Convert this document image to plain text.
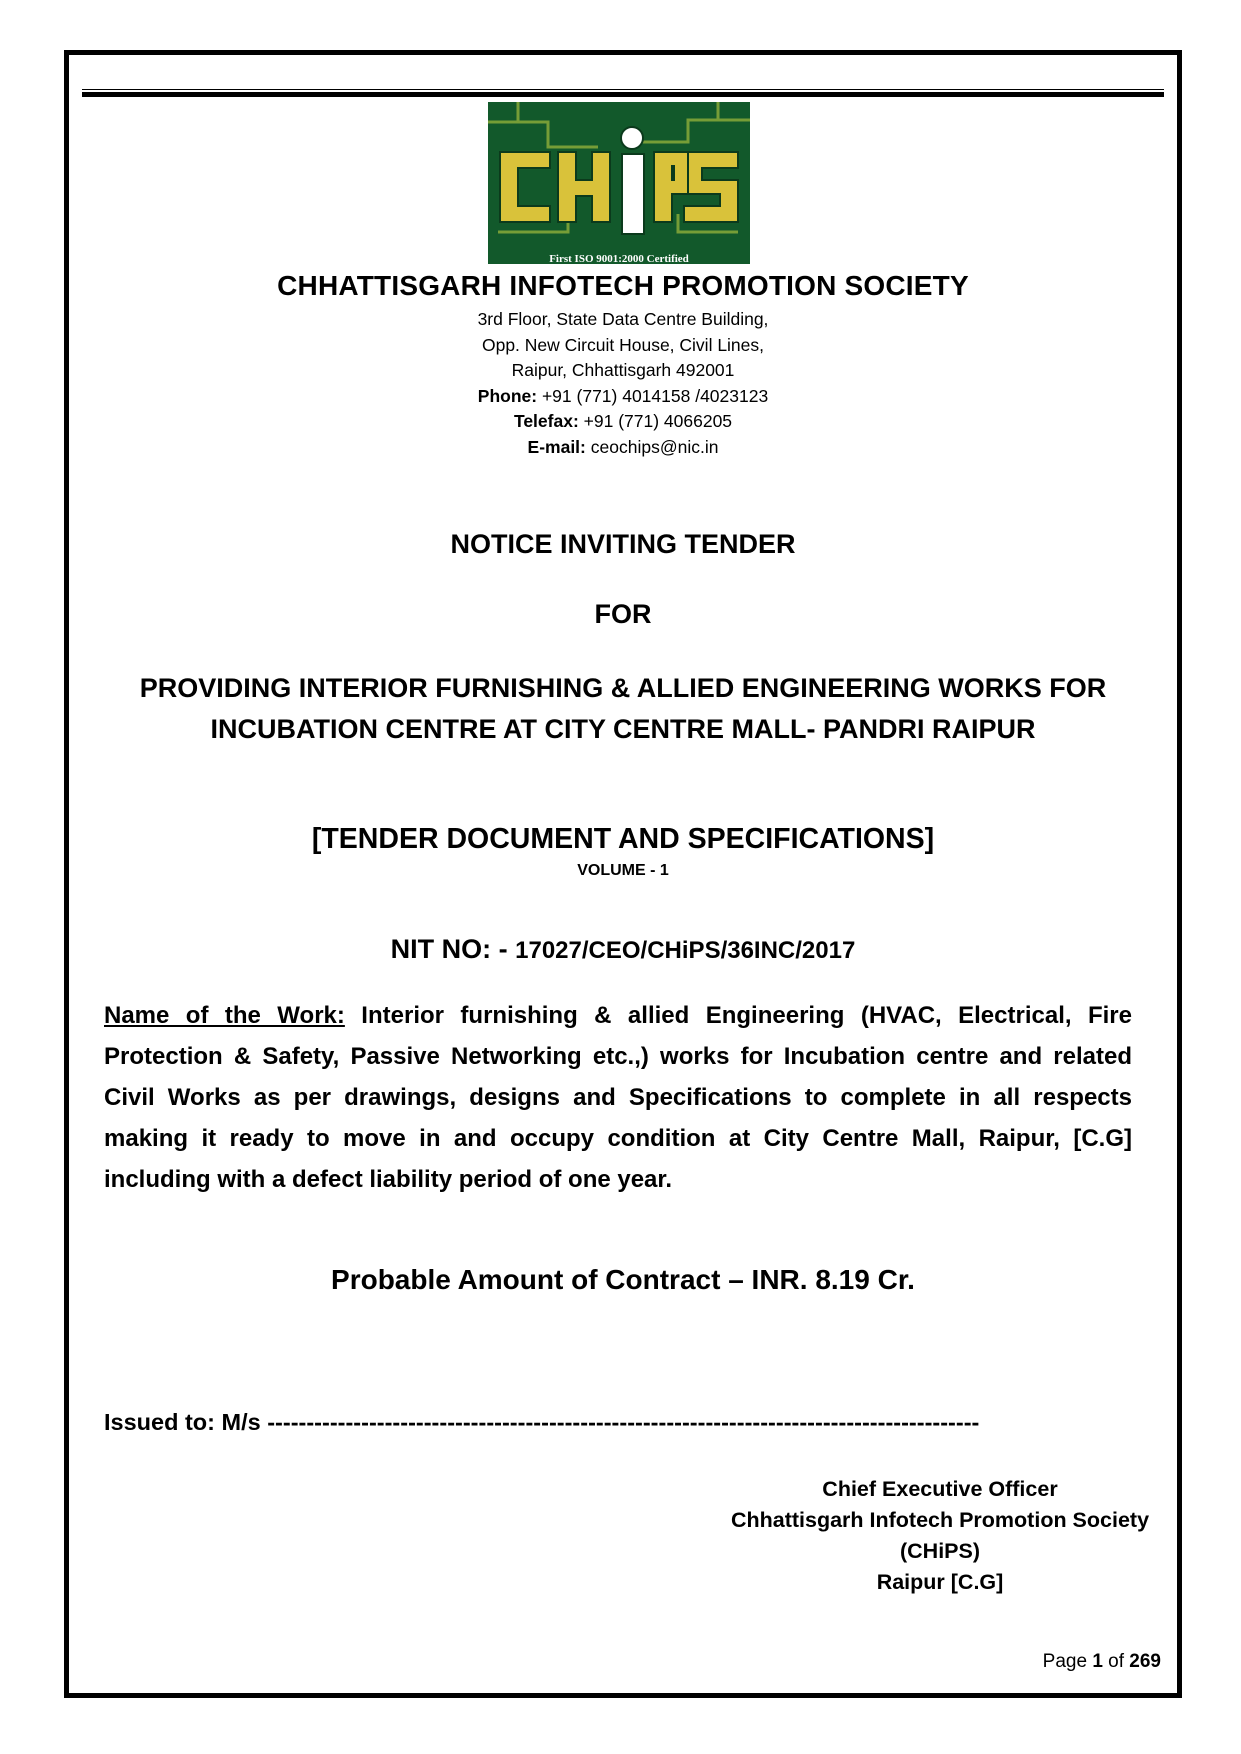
First ISO 9001:2000 Certified
CHHATTISGARH INFOTECH PROMOTION SOCIETY
3rd Floor, State Data Centre Building,
Opp. New Circuit House, Civil Lines,
Raipur, Chhattisgarh 492001
Phone: +91 (771) 4014158 /4023123
Telefax: +91 (771) 4066205
E-mail: ceochips@nic.in
NOTICE INVITING TENDER
FOR
PROVIDING INTERIOR FURNISHING & ALLIED ENGINEERING WORKS FOR
INCUBATION CENTRE AT CITY CENTRE MALL- PANDRI RAIPUR
[TENDER DOCUMENT AND SPECIFICATIONS]
VOLUME - 1
NIT NO: - 17027/CEO/CHiPS/36INC/2017
Name of the Work: Interior furnishing & allied Engineering (HVAC, Electrical, Fire Protection & Safety, Passive Networking etc.,) works for Incubation centre and related Civil Works as per drawings, designs and Specifications to complete in all respects making it ready to move in and occupy condition at City Centre Mall, Raipur, [C.G] including with a defect liability period of one year.
Probable Amount of Contract – INR. 8.19 Cr.
Issued to: M/s -------------------------------------------------------------------------------------------
Chief Executive Officer
Chhattisgarh Infotech Promotion Society
(CHiPS)
Raipur [C.G]
Page 1 of 269
